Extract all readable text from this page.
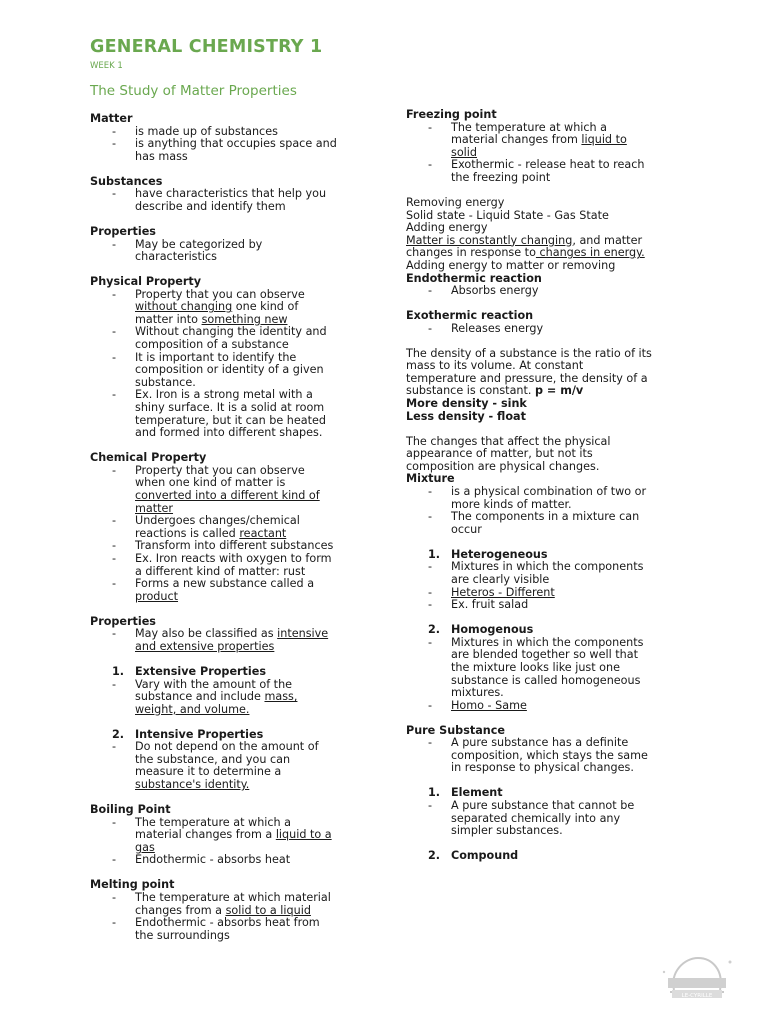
GENERAL CHEMISTRY 1
WEEK 1
The Study of Matter Properties
Matter
- is made up of substances
- is anything that occupies space and
has mass
Substances
- have characteristics that help you
describe and identify them
Properties
- May be categorized by
characteristics
Physical Property
- Property that you can observe
without changing one kind of
matter into something new
- Without changing the identity and
composition of a substance
- It is important to identify the
composition or identity of a given
substance.
- Ex. Iron is a strong metal with a
shiny surface. It is a solid at room
temperature, but it can be heated
and formed into different shapes.
Chemical Property
- Property that you can observe
when one kind of matter is
converted into a different kind of
matter
- Undergoes changes/chemical
reactions is called reactant
- Transform into different substances
- Ex. Iron reacts with oxygen to form
a different kind of matter: rust
- Forms a new substance called a
product
Properties
- May also be classified as intensive
and extensive properties
1. Extensive Properties
- Vary with the amount of the
substance and include mass,
weight, and volume.
2. Intensive Properties
- Do not depend on the amount of
the substance, and you can
measure it to determine a
substance's identity.
Boiling Point
- The temperature at which a
material changes from a liquid to a
gas
- Endothermic - absorbs heat
Melting point
- The temperature at which material
changes from a solid to a liquid
- Endothermic - absorbs heat from
the surroundings
Freezing point
- The temperature at which a
material changes from liquid to
solid
- Exothermic - release heat to reach
the freezing point
Removing energy
Solid state - Liquid State - Gas State
Adding energy
Matter is constantly changing, and matter
changes in response to changes in energy.
Adding energy to matter or removing
Endothermic reaction
- Absorbs energy
Exothermic reaction
- Releases energy
The density of a substance is the ratio of its
mass to its volume. At constant
temperature and pressure, the density of a
substance is constant. p = m/v
More density - sink
Less density - float
The changes that affect the physical
appearance of matter, but not its
composition are physical changes.
Mixture
- is a physical combination of two or
more kinds of matter.
- The components in a mixture can
occur
1. Heterogeneous
- Mixtures in which the components
are clearly visible
- Heteros - Different
- Ex. fruit salad
2. Homogenous
- Mixtures in which the components
are blended together so well that
the mixture looks like just one
substance is called homogeneous
mixtures.
- Homo - Same
Pure Substance
- A pure substance has a definite
composition, which stays the same
in response to physical changes.
1. Element
- A pure substance that cannot be
separated chemically into any
simpler substances.
2. Compound
LE-CYRILLE
